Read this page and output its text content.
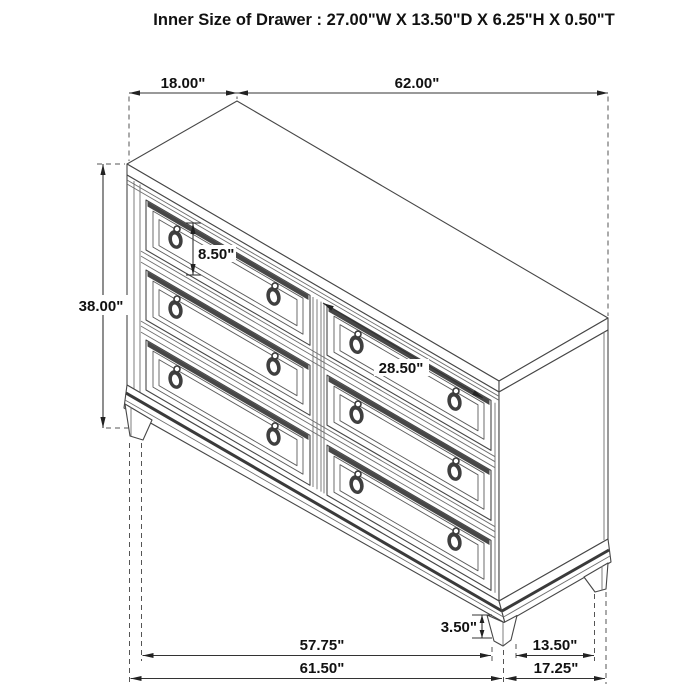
Inner Size of Drawer : 27.00"W X 13.50"D X 6.25"H X 0.50"T
18.00"	62.00"
38.00"
8.50"
28.50"
3.50"
57.75"	13.50"
61.50"	17.25"
